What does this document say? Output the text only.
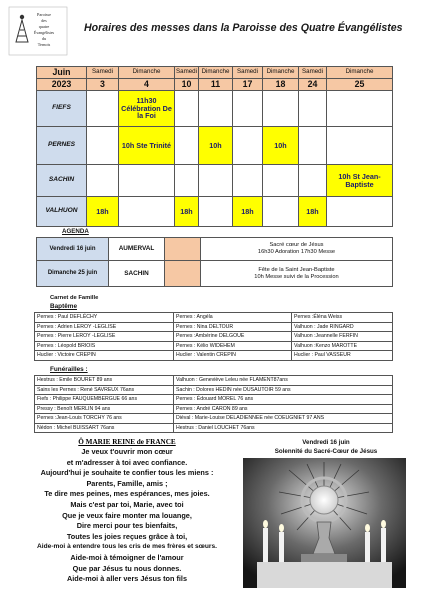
Paroisse
des
quatre
Évangélistes
du
Ternois
Horaires des messes dans la Paroisse des Quatre Évangélistes
Juin	Samedi	Dimanche	Samedi	Dimanche	Samedi	Dimanche	Samedi	Dimanche
2023	3	4	10	11	17	18	24	25
FIEFS		11h30 Célébration De la Foi						
PERNES		10h Ste Trinité		10h		10h		
SACHIN								10h St Jean-Baptiste
VALHUON	18h		18h		18h		18h	
AGENDA
Vendredi 16 juin	AUMERVAL		Sacré cœur de Jésus
16h30 Adoration 17h30 Messe

Dimanche 25 juin	SACHIN		Fête de la Saint Jean-Baptiste
10h Messe suivi de la Procession
Carnet de Famille
Baptême
Pernes : Paul DEFLÉCHY	Pernes : Angéla	Pernes :Éléna Weiss
Pernes : Adrien LEROY -LEGLISE	Pernes : Nina DELTOUR	Valhuon : Jade RINGARD
Pernes : Pierre LEROY -LEGLISE	Pernes :Ambérine DELGOUE	Valhuon :Jeannelle FERFIN
Pernes : Léopold BRIOIS	Pernes : Kélio WIDEHEM	Valhuon :Kenzo MAROTTE
Huclier : Victoire CREPIN	Huclier : Valentin CREPIN	Huclier : Paul VASSEUR
Funérailles :
Hestrus : Emile BOURET 89 ans	Valhuon : Geneviève Leleu née FLAMENT87ans
Sains les Pernes : René SAVREUX 76ans	Sachin : Dolores HEDIN née DUSAUTOIR 59 ans
Fiefs : Philippe FAUQUEMBERGUE 66 ans	Pernes : Édouard MOREL 76 ans
Pressy : Benoît MERLIN 94 ans	Pernes : André CARON 89 ans
Pernes :Jean-Louis TORCHY 76 ans	Diéval : Marie-Louise DELADIENNEE née COEUGNIET 97 ANS
Nédon : Michel BUISSART 76ans	Hestrus : Daniel LOUCHET 76ans
Ô MARIE REINE de FRANCE
Je veux t'ouvrir mon cœur
et m'adresser à toi avec confiance.
Aujourd'hui je souhaite te confier tous les miens :
Parents, Famille, amis ;
Te dire mes peines, mes espérances, mes joies.
Mais c'est par toi, Marie, avec toi
Que je veux faire monter ma louange,
Dire merci pour tes bienfaits,
Toutes les joies reçues grâce à toi,
Aide-moi à entendre tous les cris de mes frères et sœurs.
Aide-moi à témoigner de l'amour
Que par Jésus tu nous donnes.
Aide-moi à aller vers Jésus ton fils
Vendredi 16 juin
Solennité du Sacré-Cœur de Jésus
